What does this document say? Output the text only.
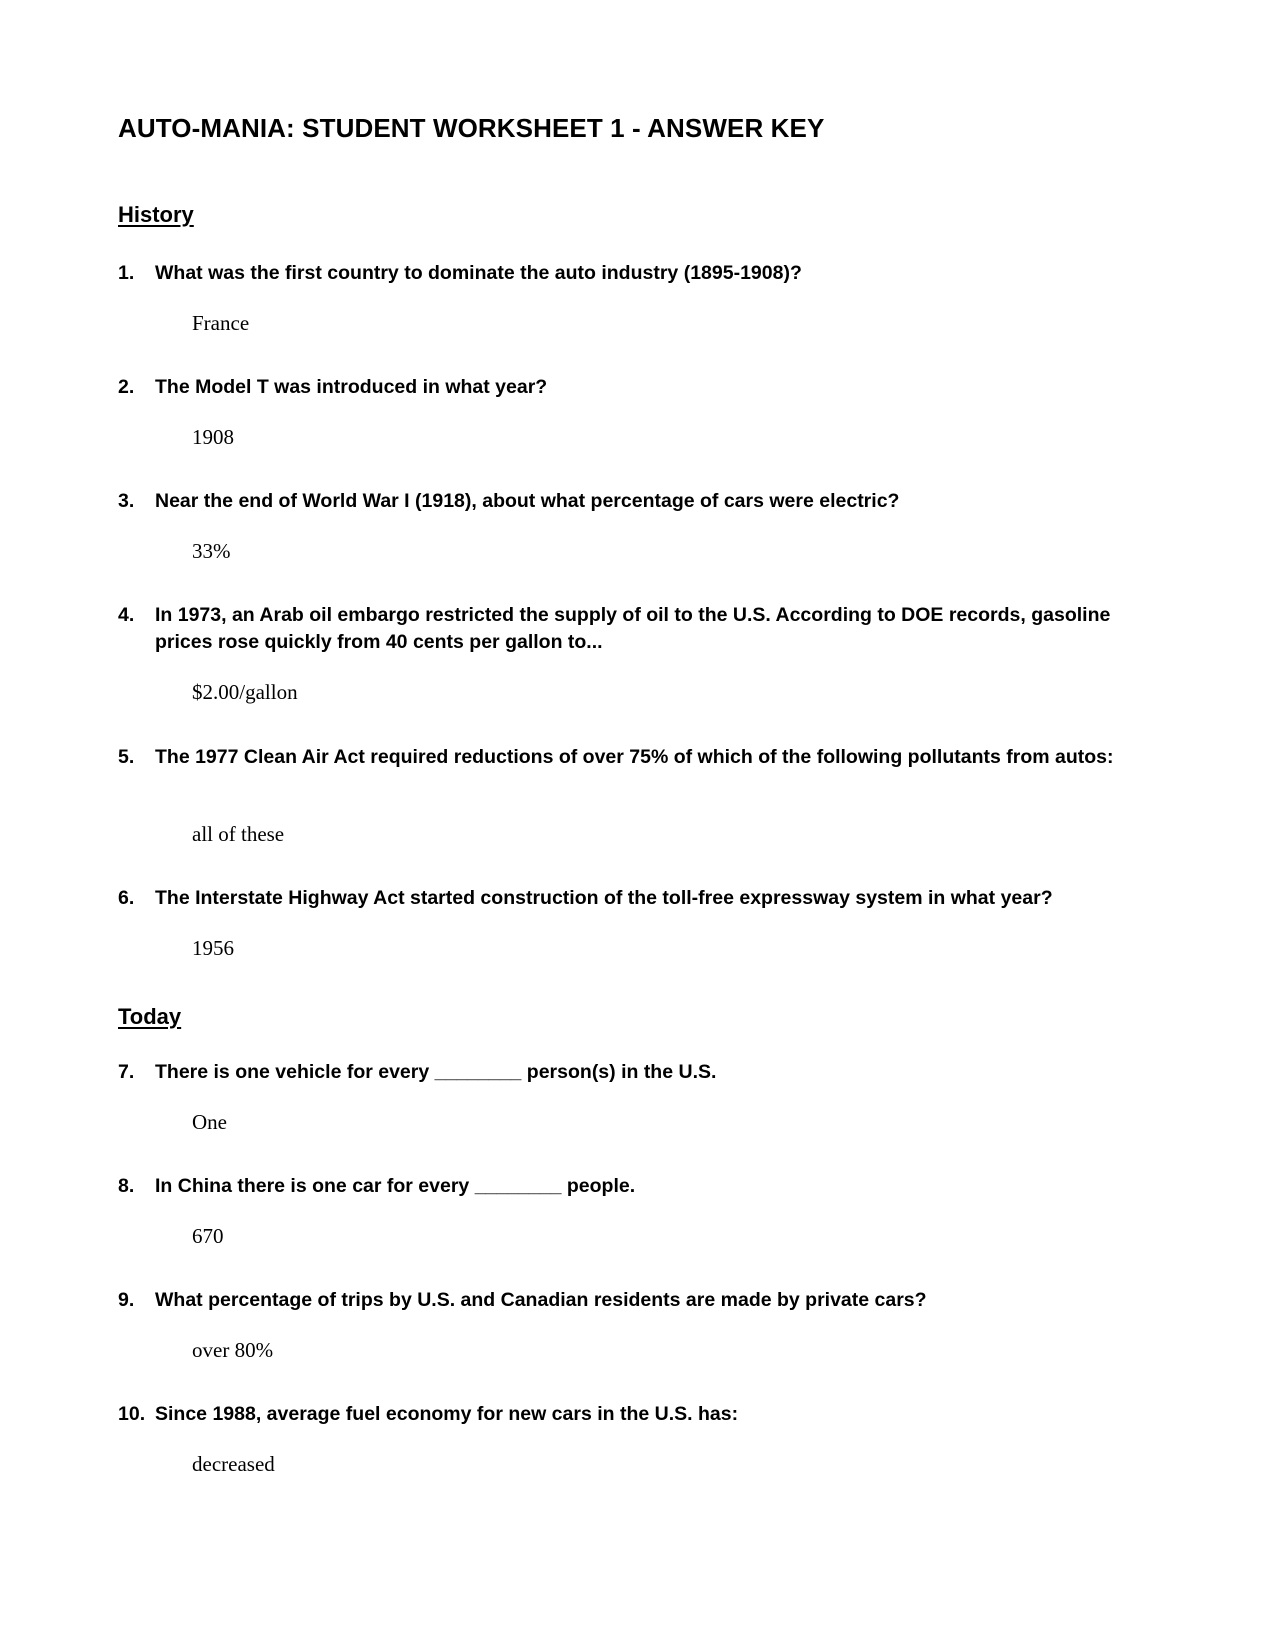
AUTO-MANIA: STUDENT WORKSHEET 1 - ANSWER KEY
History
1. What was the first country to dominate the auto industry (1895-1908)?
France
2. The Model T was introduced in what year?
1908
3. Near the end of World War I (1918), about what percentage of cars were electric?
33%
4. In 1973, an Arab oil embargo restricted the supply of oil to the U.S. According to DOE records, gasoline prices rose quickly from 40 cents per gallon to...
$2.00/gallon
5. The 1977 Clean Air Act required reductions of over 75% of which of the following pollutants from autos:
all of these
6. The Interstate Highway Act started construction of the toll-free expressway system in what year?
1956
Today
7. There is one vehicle for every ________ person(s) in the U.S.
One
8. In China there is one car for every ________ people.
670
9. What percentage of trips by U.S. and Canadian residents are made by private cars?
over 80%
10. Since 1988, average fuel economy for new cars in the U.S. has:
decreased
